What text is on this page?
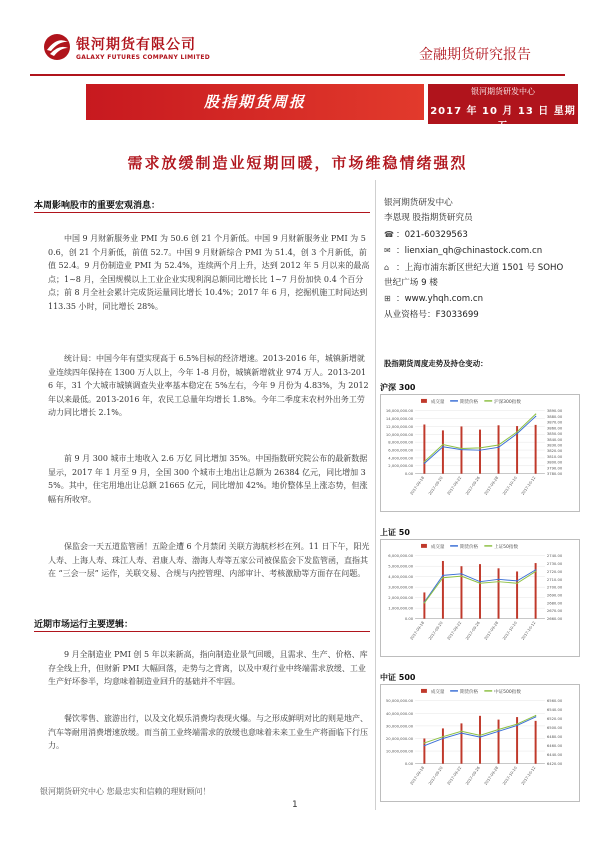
银河期货有限公司
GALAXY FUTURES COMPANY LIMITED	金融期货研究报告
股指期货周报
银河期货研发中心
2017 年 10 月 13 日 星期五
需求放缓制造业短期回暖，市场维稳情绪强烈
本周影响股市的重要宏观消息：

中国 9 月财新服务业 PMI 为 50.6 创 21 个月新低。中国 9 月财新服务业 PMI 为 50.6，创 21 个月新低，前值 52.7。中国 9 月财新综合 PMI 为 51.4，创 3 个月新低，前值 52.4。9 月份制造业 PMI 为 52.4%，连续两个月上升，达到 2012 年 5 月以来的最高点；1~8 月，全国规模以上工业企业实现利润总额同比增长比 1~7 月份加快 0.4 个百分点；前 8 月全社会累计完成货运量同比增长 10.4%；2017 年 6 月，挖掘机施工时间达到 113.35 小时，同比增长 28%。

统计局：中国今年有望实现高于 6.5%目标的经济增速。2013-2016 年，城镇新增就业连续四年保持在 1300 万人以上，今年 1-8 月份，城镇新增就业 974 万人。2013-2016 年，31 个大城市城镇调查失业率基本稳定在 5%左右，今年 9 月份为 4.83%，为 2012 年以来最低。2013-2016 年，农民工总量年均增长 1.8%。今年二季度末农村外出务工劳动力同比增长 2.1%。

前 9 月 300 城市土地收入 2.6 万亿 同比增加 35%。中国指数研究院公布的最新数据显示，2017 年 1 月至 9 月，全国 300 个城市土地出让总额为 26384 亿元，同比增加 35%。其中，住宅用地出让总额 21665 亿元，同比增加 42%。地价整体呈上涨态势，但涨幅有所收窄。

保监会一天五道监管函！五险企遭 6 个月禁闭 关联方海航杉杉在列。11 日下午，阳光人寿、上海人寿、珠江人寿、君康人寿、渤海人寿等五家公司被保监会下发监管函，直指其在 “三会一层” 运作，关联交易、合规与内控管理、内部审计、考核激励等方面存在问题。

近期市场运行主要逻辑：

9 月全制造业 PMI 创 5 年以来新高，指向制造业景气回暖，且需求、生产、价格、库存全线上升，但财新 PMI 大幅回落，走势与之背离，以及中观行业中终端需求放缓、工业生产好坏参半，均意味着制造业回升的基础并不牢固。

餐饮零售、旅游出行，以及文化娱乐消费均表现火爆。与之形成鲜明对比的则是地产、汽车等耐用消费增速放缓。而当前工业终端需求的放缓也意味着未来工业生产将面临下行压力。

银河期货研发中心
李恩现 股指期货研究员
☎ ：021-60329563
✉ ：lienxian_qh@chinastock.com.cn
⌂ ：上海市浦东新区世纪大道 1501 号 SOHO
世纪广场 9 楼
⊞ ：www.yhqh.com.cn
从业资格号：F3033699
股指期货周度走势及持仓变动：
沪深 300
成交量	期货价格	沪深300指数
0.00
2,000,000.00
4,000,000.00
6,000,000.00
8,000,000.00
10,000,000.00
12,000,000.00
14,000,000.00
16,000,000.00
3780.00
3790.00
3800.00
3810.00
3820.00
3830.00
3840.00
3850.00
3860.00
3870.00
3880.00
3890.00
2017-09-18 2017-09-20 2017-09-22 2017-09-26 2017-09-28 2017-10-10 2017-10-12
上证 50
成交量	期货价格	上证50指数
0.00
1,000,000.00
2,000,000.00
3,000,000.00
4,000,000.00
5,000,000.00
6,000,000.00
2660.00
2670.00
2680.00
2690.00
2700.00
2710.00
2720.00
2730.00
2740.00
2017-09-18 2017-09-20 2017-09-22 2017-09-26 2017-09-28 2017-10-10 2017-10-12
中证 500
成交量	期货价格	中证500指数
0.00
10,000,000.00
20,000,000.00
30,000,000.00
40,000,000.00
50,000,000.00
6420.00
6440.00
6460.00
6480.00
6500.00
6520.00
6540.00
6560.00
2017-09-18 2017-09-20 2017-09-22 2017-09-26 2017-09-28 2017-10-10 2017-10-12
银河期货研究中心 您最忠实和信赖的理财顾问！
1
